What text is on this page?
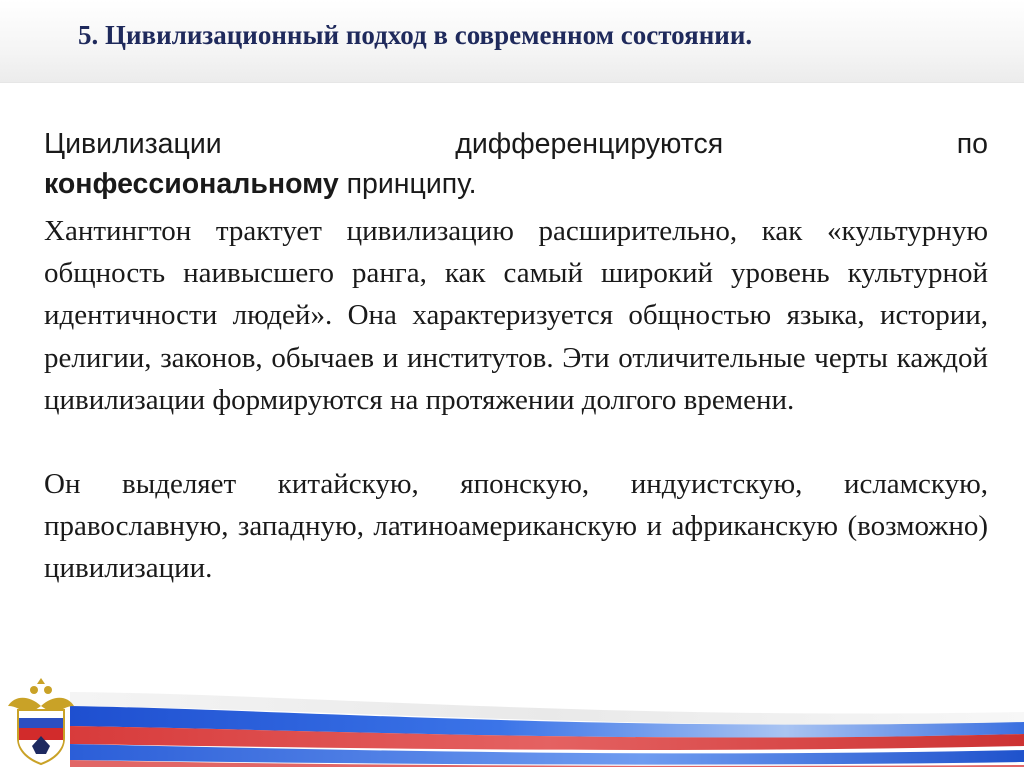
5. Цивилизационный подход в современном состоянии.

Цивилизации	дифференцируются	по
конфессиональному принципу.

Хантингтон трактует цивилизацию расширительно, как «культурную общность наивысшего ранга, как самый широкий уровень культурной идентичности людей». Она характеризуется общностью языка, истории, религии, законов, обычаев и институтов. Эти отличительные черты каждой цивилизации формируются на протяжении долгого времени.

Он выделяет китайскую, японскую, индуистскую, исламскую, православную, западную, латиноамериканскую и африканскую (возможно) цивилизации.
